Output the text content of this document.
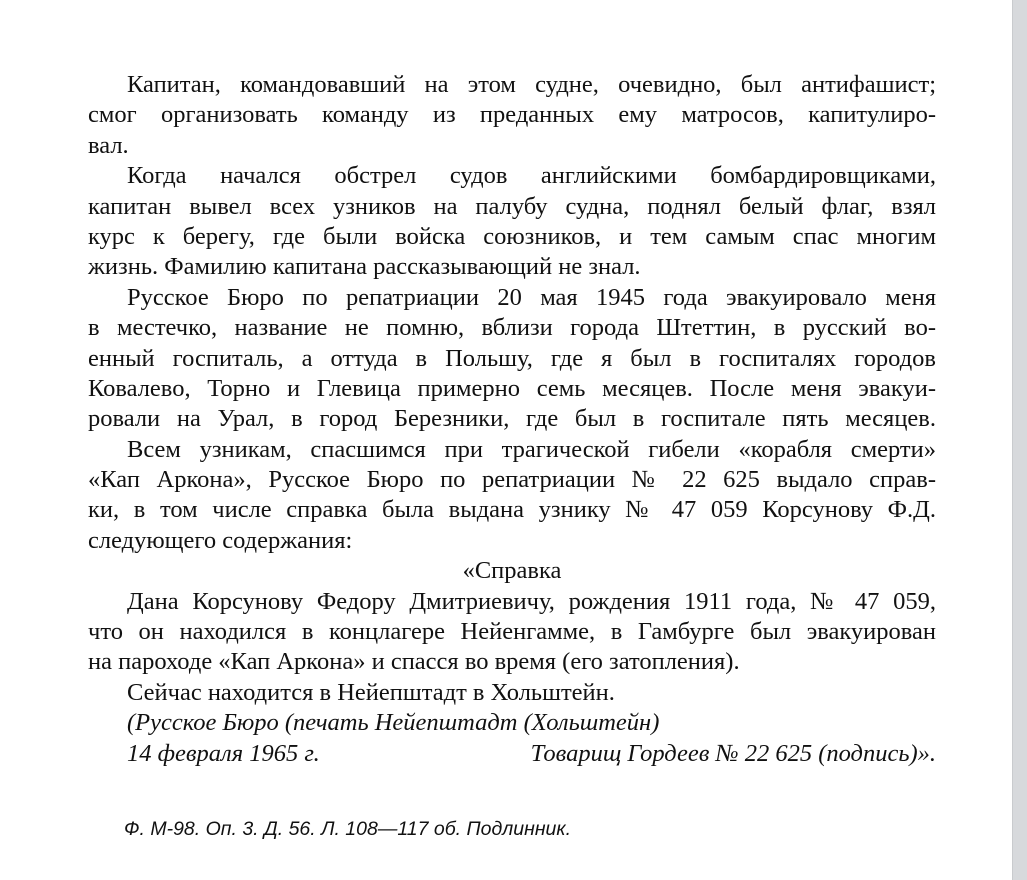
Капитан, командовавший на этом судне, очевидно, был антифашист;
смог организовать команду из преданных ему матросов, капитулиро-
вал.
Когда начался обстрел судов английскими бомбардировщиками,
капитан вывел всех узников на палубу судна, поднял белый флаг, взял
курс к берегу, где были войска союзников, и тем самым спас многим
жизнь. Фамилию капитана рассказывающий не знал.
Русское Бюро по репатриации 20 мая 1945 года эвакуировало меня
в местечко, название не помню, вблизи города Штеттин, в русский во-
енный госпиталь, а оттуда в Польшу, где я был в госпиталях городов
Ковалево, Торно и Глевица примерно семь месяцев. После меня эвакуи-
ровали на Урал, в город Березники, где был в госпитале пять месяцев.
Всем узникам, спасшимся при трагической гибели «корабля смерти»
«Кап Аркона», Русское Бюро по репатриации № 22 625 выдало справ-
ки, в том числе справка была выдана узнику № 47 059 Корсунову Ф.Д.
следующего содержания:
«Справка
Дана Корсунову Федору Дмитриевичу, рождения 1911 года, № 47 059,
что он находился в концлагере Нейенгамме, в Гамбурге был эвакуирован
на пароходе «Кап Аркона» и спасся во время (его затопления).
Сейчас находится в Нейепштадт в Хольштейн.
(Русское Бюро (печать Нейепштадт (Хольштейн)
14 февраля 1965 г.	Товарищ Гордеев № 22 625 (подпись)».
Ф. М-98. Оп. 3. Д. 56. Л. 108—117 об. Подлинник.
